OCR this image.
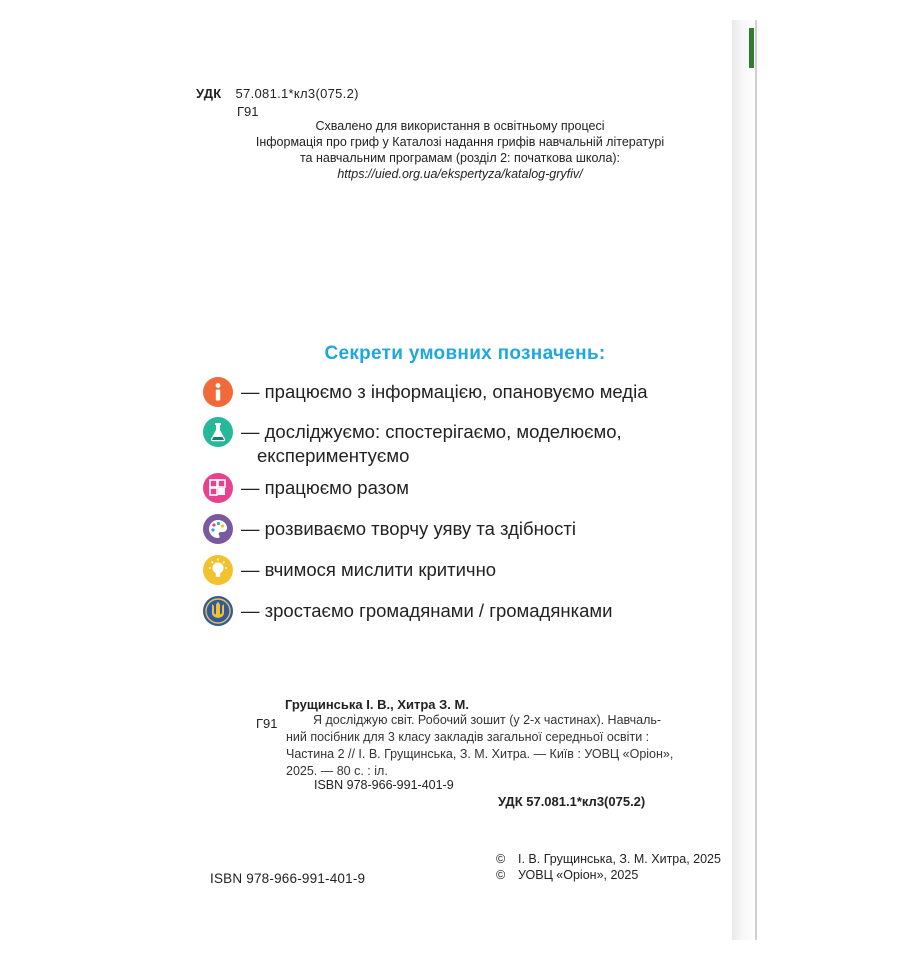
УДК 57.081.1*кл3(075.2)
Г91
Схвалено для використання в освітньому процесі
Інформація про гриф у Каталозі надання грифів навчальній літературі
та навчальним програмам (розділ 2: початкова школа):
https://uied.org.ua/ekspertyza/katalog-gryfiv/
Секрети умовних позначень:
— працюємо з інформацією, опановуємо медіа
— досліджуємо: спостерігаємо, моделюємо,
експериментуємо
— працюємо разом
— розвиваємо творчу уяву та здібності
— вчимося мислити критично
— зростаємо громадянами / громадянками
Грущинська І. В., Хитра З. М.
Г91	Я досліджую світ. Робочий зошит (у 2-х частинах). Навчаль-
ний посібник для 3 класу закладів загальної середньої освіти :
Частина 2 // І. В. Грущинська, З. М. Хитра. — Київ : УОВЦ «Оріон»,
2025. — 80 с. : іл.
ISBN 978-966-991-401-9
УДК 57.081.1*кл3(075.2)
© І. В. Грущинська, З. М. Хитра, 2025
© УОВЦ «Оріон», 2025
ISBN 978-966-991-401-9
